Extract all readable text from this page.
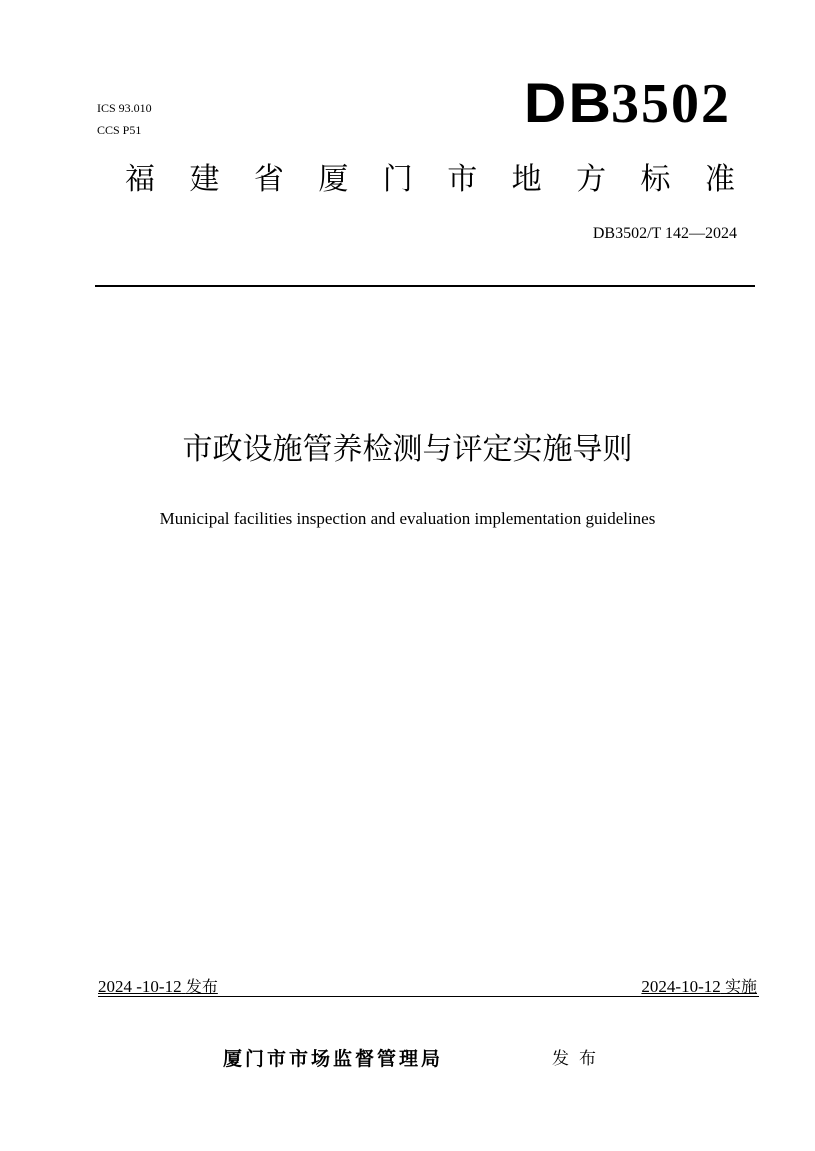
ICS 93.010
CCS P51	DB3502
福 建 省 厦 门 市 地 方 标 准
DB3502/T 142—2024
市政设施管养检测与评定实施导则
Municipal facilities inspection and evaluation implementation guidelines
2024 -10-12 发布	2024-10-12 实施
厦门市市场监督管理局	发布
